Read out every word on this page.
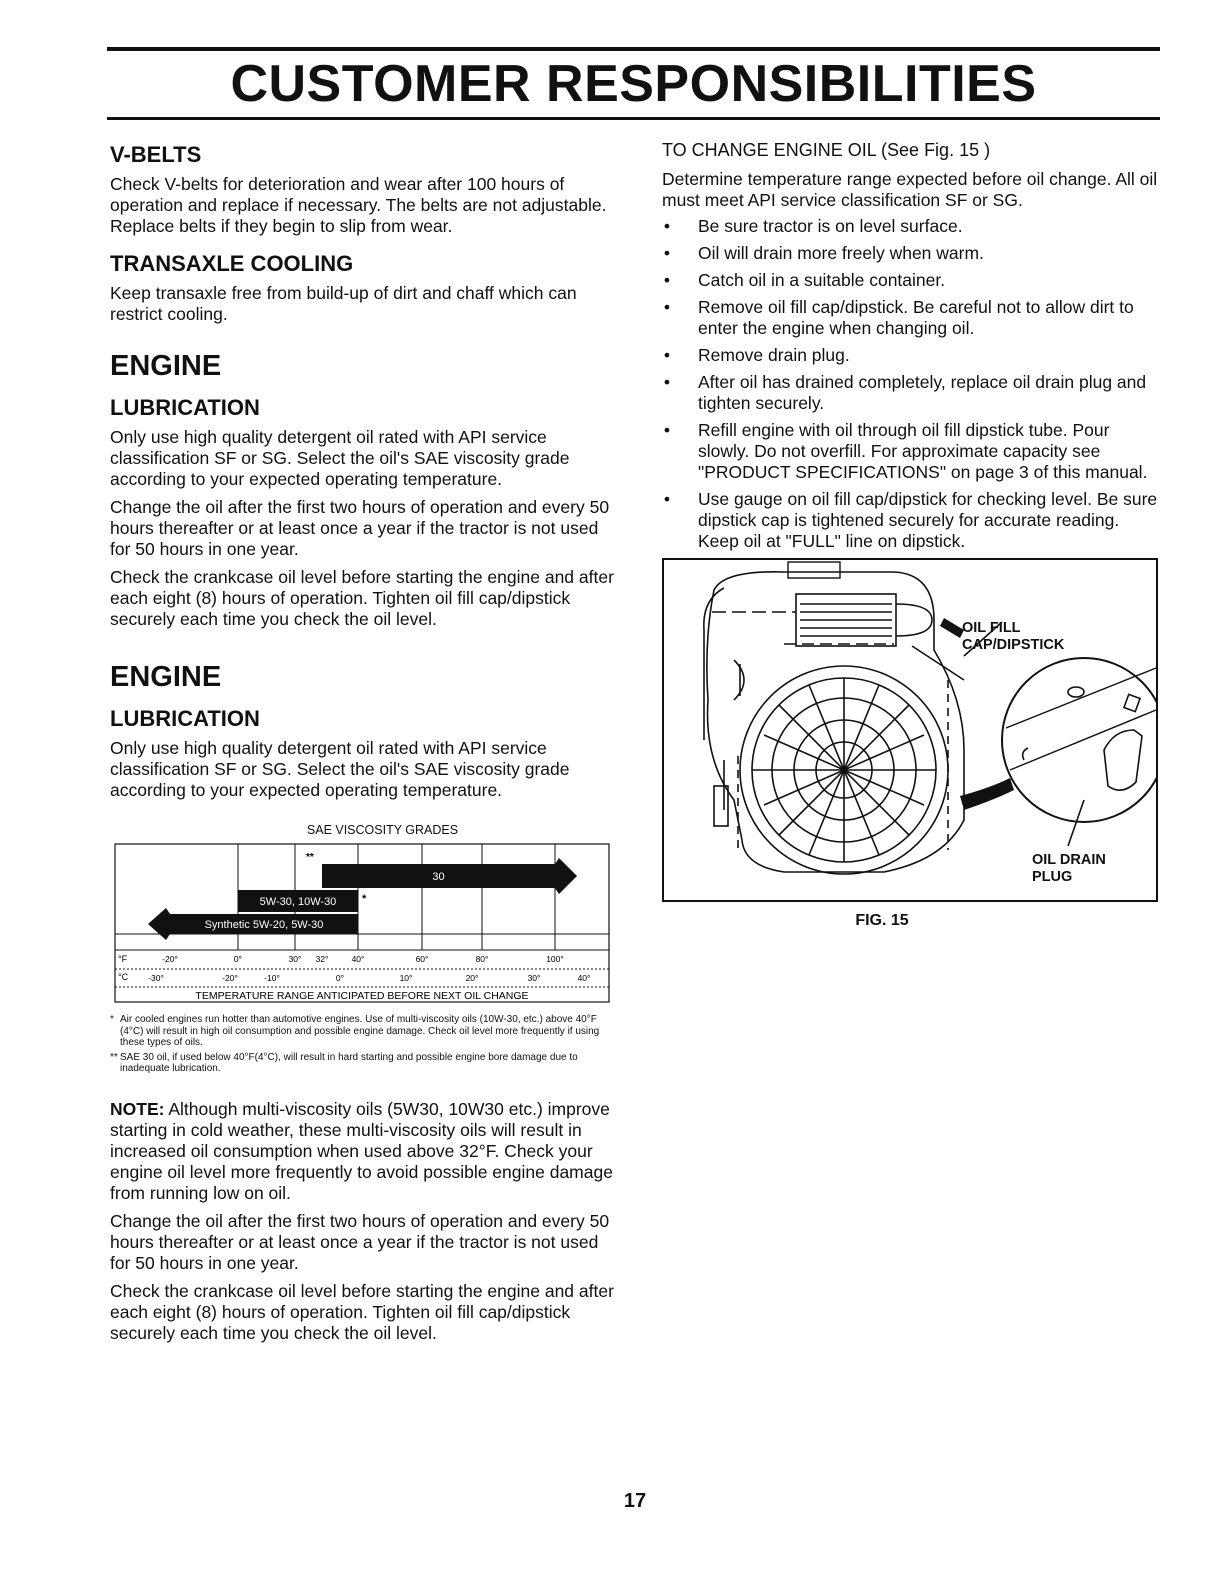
CUSTOMER RESPONSIBILITIES
V-BELTS

Check V-belts for deterioration and wear after 100 hours of operation and replace if necessary. The belts are not adjustable. Replace belts if they begin to slip from wear.

TRANSAXLE COOLING

Keep transaxle free from build-up of dirt and chaff which can restrict cooling.

ENGINE
LUBRICATION

Only use high quality detergent oil rated with API service classification SF or SG. Select the oil's SAE viscosity grade according to your expected operating temperature.

Change the oil after the first two hours of operation and every 50 hours thereafter or at least once a year if the tractor is not used for 50 hours in one year.

Check the crankcase oil level before starting the engine and after each eight (8) hours of operation. Tighten oil fill cap/dipstick securely each time you check the oil level.

ENGINE
LUBRICATION

Only use high quality detergent oil rated with API service classification SF or SG. Select the oil's SAE viscosity grade according to your expected operating temperature.

SAE VISCOSITY GRADES
30
5W-30, 10W-30
Synthetic 5W-20, 5W-30
**
*
°F
°C
-20°	0°	30° 32°	40°	60°	80°	100°
-30°	-20°	-10°	0°	10°	20°	30°	40°
TEMPERATURE RANGE ANTICIPATED BEFORE NEXT OIL CHANGE
* Air cooled engines run hotter than automotive engines. Use of multi-viscosity oils (10W-30, etc.) above 40°F (4°C) will result in high oil consumption and possible engine damage. Check oil level more frequently if using these types of oils.
** SAE 30 oil, if used below 40°F(4°C), will result in hard starting and possible engine bore damage due to inadequate lubrication.

NOTE: Although multi-viscosity oils (5W30, 10W30 etc.) improve starting in cold weather, these multi-viscosity oils will result in increased oil consumption when used above 32°F. Check your engine oil level more frequently to avoid possible engine damage from running low on oil.

Change the oil after the first two hours of operation and every 50 hours thereafter or at least once a year if the tractor is not used for 50 hours in one year.

Check the crankcase oil level before starting the engine and after each eight (8) hours of operation. Tighten oil fill cap/dipstick securely each time you check the oil level.

TO CHANGE ENGINE OIL (See Fig. 15 )

Determine temperature range expected before oil change. All oil must meet API service classification SF or SG.

• Be sure tractor is on level surface.
• Oil will drain more freely when warm.
• Catch oil in a suitable container.
• Remove oil fill cap/dipstick. Be careful not to allow dirt to enter the engine when changing oil.
• Remove drain plug.
• After oil has drained completely, replace oil drain plug and tighten securely.
• Refill engine with oil through oil fill dipstick tube. Pour slowly. Do not overfill. For approximate capacity see "PRODUCT SPECIFICATIONS" on page 3 of this manual.
• Use gauge on oil fill cap/dipstick for checking level. Be sure dipstick cap is tightened securely for accurate reading. Keep oil at "FULL" line on dipstick.
OIL FILL
CAP/DIPSTICK
OIL DRAIN
PLUG
FIG. 15
17
